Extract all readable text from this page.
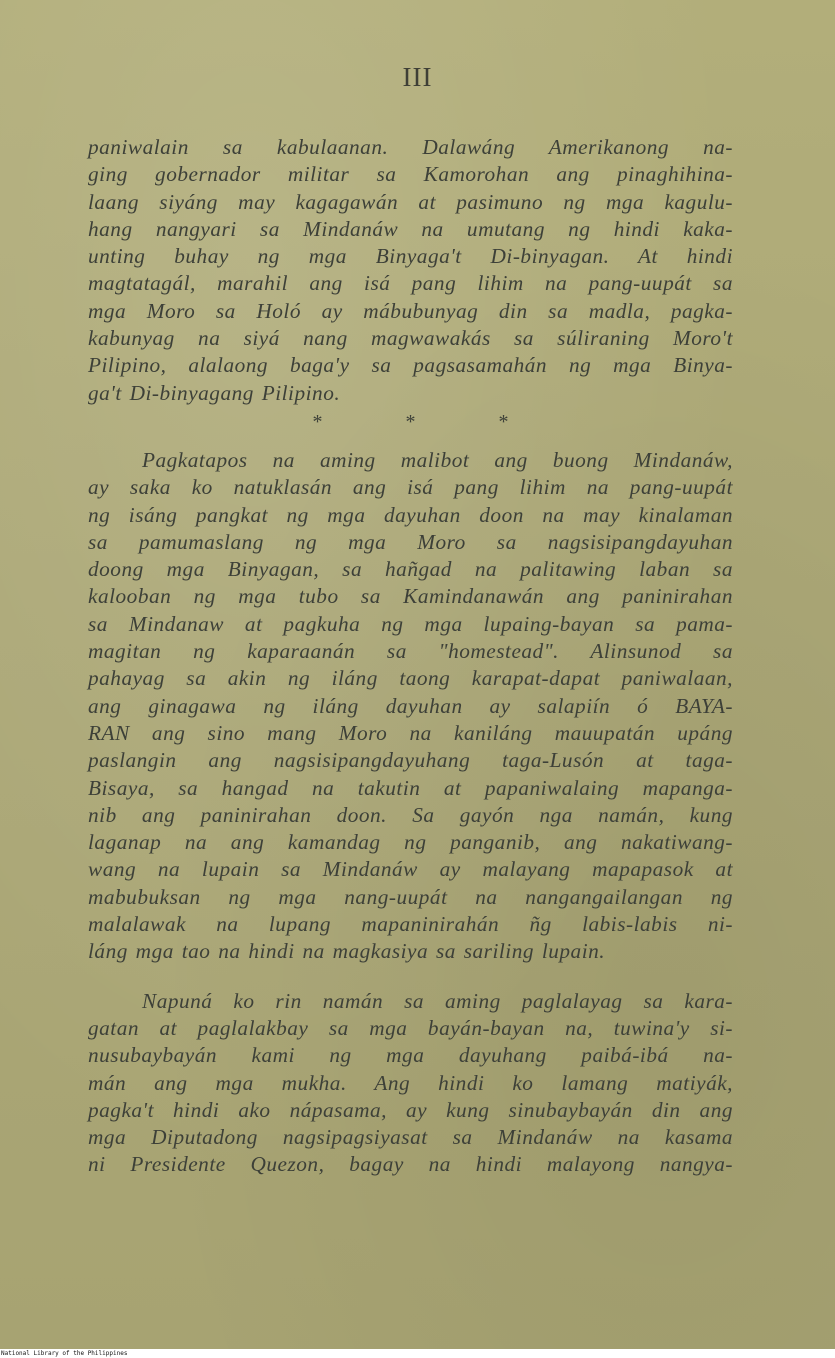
III
paniwalain sa kabulaanan. Dalawáng Amerikanong na-
ging gobernador militar sa Kamorohan ang pinaghihina-
laang siyáng may kagagawán at pasimuno ng mga kagulu-
hang nangyari sa Mindanáw na umutang ng hindi kaka-
unting buhay ng mga Binyaga't Di-binyagan. At hindi
magtatagál, marahil ang isá pang lihim na pang-uupát sa
mga Moro sa Holó ay mábubunyag din sa madla, pagka-
kabunyag na siyá nang magwawakás sa súliraning Moro't
Pilipino, alalaong baga'y sa pagsasamahán ng mga Binya-
ga't Di-binyagang Pilipino.
* * *
Pagkatapos na aming malibot ang buong Mindanáw,
ay saka ko natuklasán ang isá pang lihim na pang-uupát
ng isáng pangkat ng mga dayuhan doon na may kinalaman
sa pamumaslang ng mga Moro sa nagsisipangdayuhan
doong mga Binyagan, sa hañgad na palitawing laban sa
kalooban ng mga tubo sa Kamindanawán ang paninirahan
sa Mindanaw at pagkuha ng mga lupaing-bayan sa pama-
magitan ng kaparaanán sa "homestead". Alinsunod sa
pahayag sa akin ng iláng taong karapat-dapat paniwalaan,
ang ginagawa ng iláng dayuhan ay salapiín ó BAYA-
RAN ang sino mang Moro na kaniláng mauupatán upáng
paslangin ang nagsisipangdayuhang taga-Lusón at taga-
Bisaya, sa hangad na takutin at papaniwalaing mapanga-
nib ang paninirahan doon. Sa gayón nga namán, kung
laganap na ang kamandag ng panganib, ang nakatiwang-
wang na lupain sa Mindanáw ay malayang mapapasok at
mabubuksan ng mga nang-uupát na nangangailangan ng
malalawak na lupang mapaninirahán ñg labis-labis ni-
láng mga tao na hindi na magkasiya sa sariling lupain.
Napuná ko rin namán sa aming paglalayag sa kara-
gatan at paglalakbay sa mga bayán-bayan na, tuwina'y si-
nusubaybayán kami ng mga dayuhang paibá-ibá na-
mán ang mga mukha. Ang hindi ko lamang matiyák,
pagka't hindi ako nápasama, ay kung sinubaybayán din ang
mga Diputadong nagsipagsiyasat sa Mindanáw na kasama
ni Presidente Quezon, bagay na hindi malayong nangya-
National Library of the Philippines
